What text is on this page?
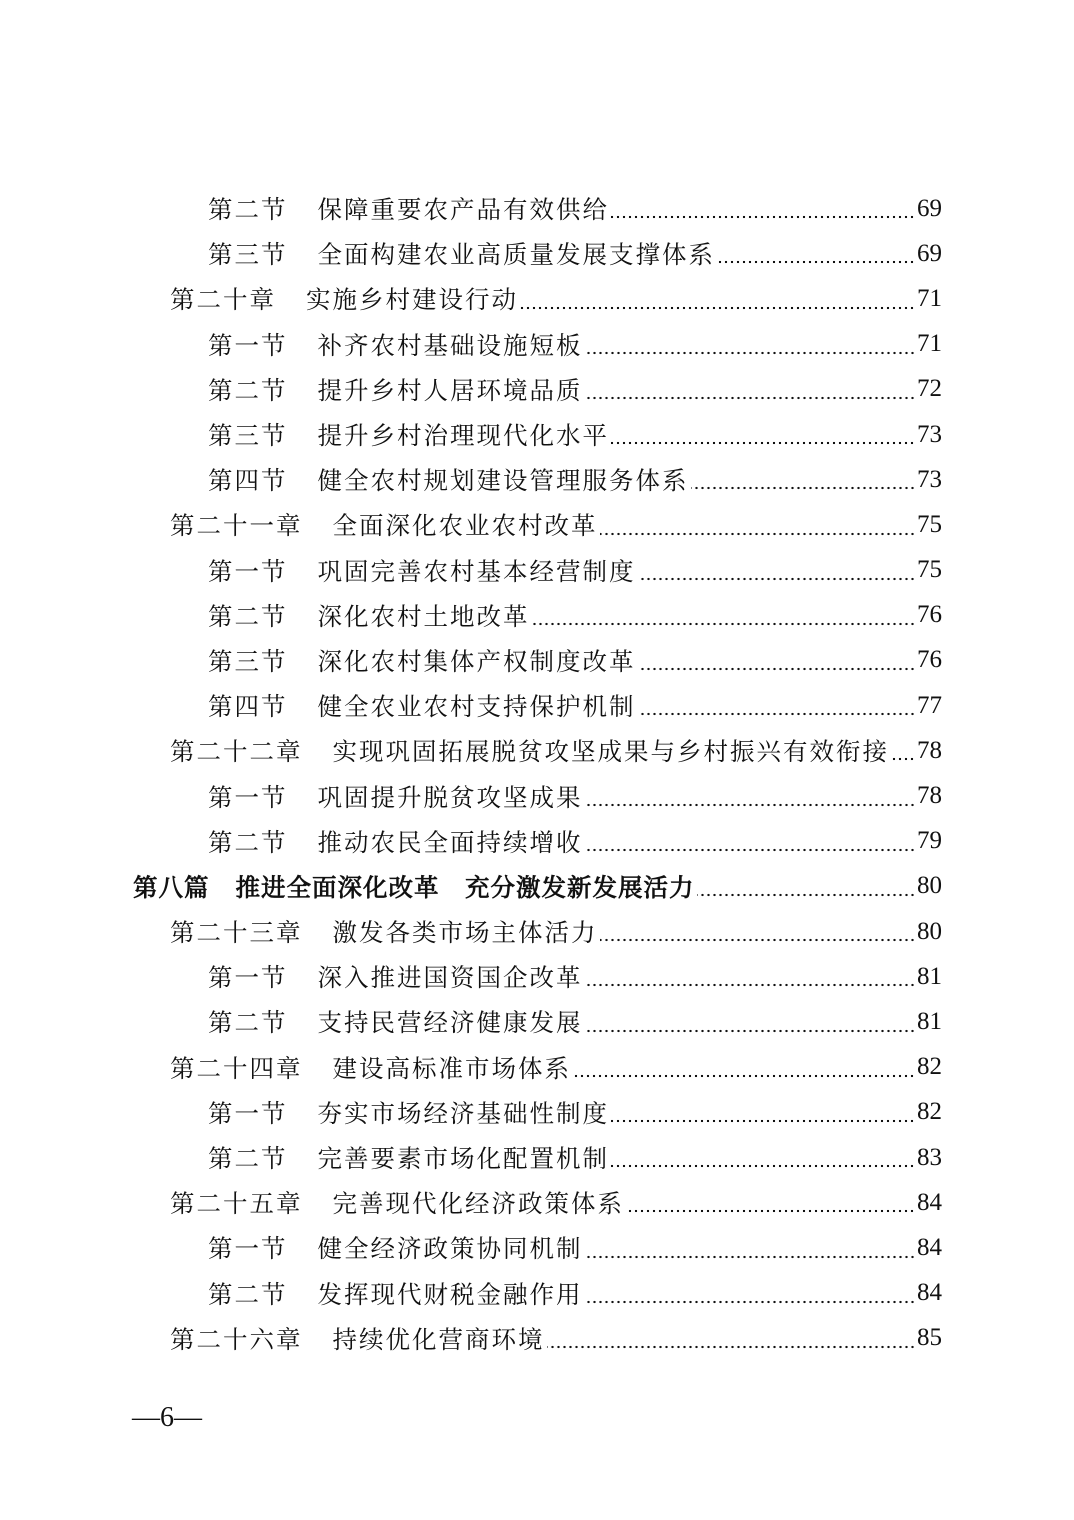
第二节 保障重要农产品有效供给	69
第三节 全面构建农业高质量发展支撑体系	69
第二十章 实施乡村建设行动	71
第一节 补齐农村基础设施短板	71
第二节 提升乡村人居环境品质	72
第三节 提升乡村治理现代化水平	73
第四节 健全农村规划建设管理服务体系	73
第二十一章 全面深化农业农村改革	75
第一节 巩固完善农村基本经营制度	75
第二节 深化农村土地改革	76
第三节 深化农村集体产权制度改革	76
第四节 健全农业农村支持保护机制	77
第二十二章 实现巩固拓展脱贫攻坚成果与乡村振兴有效衔接 78
第一节 巩固提升脱贫攻坚成果	78
第二节 推动农民全面持续增收	79
第八篇 推进全面深化改革　充分激发新发展活力	80
第二十三章 激发各类市场主体活力	80
第一节 深入推进国资国企改革	81
第二节 支持民营经济健康发展	81
第二十四章 建设高标准市场体系	82
第一节 夯实市场经济基础性制度	82
第二节 完善要素市场化配置机制	83
第二十五章 完善现代化经济政策体系	84
第一节 健全经济政策协同机制	84
第二节 发挥现代财税金融作用	84
第二十六章 持续优化营商环境	85
—6—
